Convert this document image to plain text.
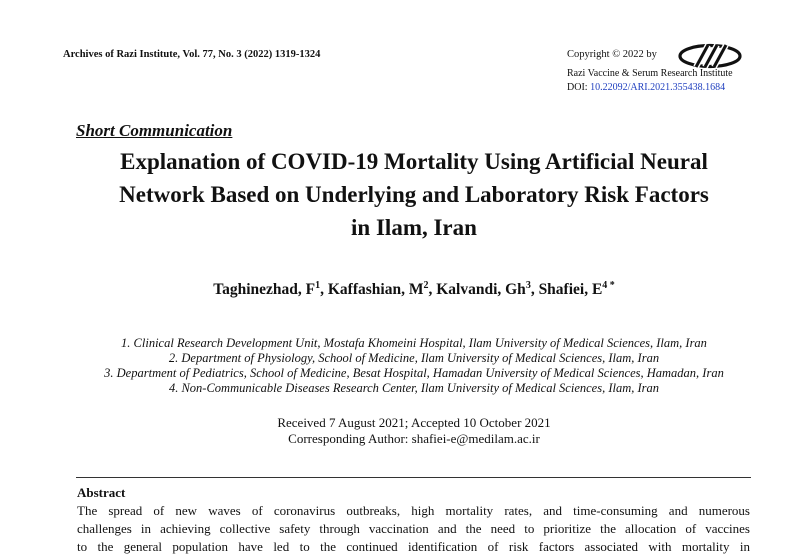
Archives of Razi Institute, Vol. 77, No. 3 (2022) 1319-1324	Copyright © 2022 by
Razi Vaccine & Serum Research Institute
DOI: 10.22092/ARI.2021.355438.1684
Short Communication
Explanation of COVID-19 Mortality Using Artificial Neural
Network Based on Underlying and Laboratory Risk Factors
in Ilam, Iran
Taghinezhad, $F^1$, Kaffashian, $M^2$, Kalvandi, Gh$^3$, Shafiei, $E^{4 *}$
1. Clinical Research Development Unit, Mostafa Khomeini Hospital, Ilam University of Medical Sciences, Ilam, Iran
2. Department of Physiology, School of Medicine, Ilam University of Medical Sciences, Ilam, Iran
3. Department of Pediatrics, School of Medicine, Besat Hospital, Hamadan University of Medical Sciences, Hamadan, Iran
4. Non-Communicable Diseases Research Center, Ilam University of Medical Sciences, Ilam, Iran
Received 7 August 2021; Accepted 10 October 2021
Corresponding Author: shafiei-e@medilam.ac.ir
Abstract
The spread of new waves of coronavirus outbreaks, high mortality rates, and time-consuming and numerous
challenges in achieving collective safety through vaccination and the need to prioritize the allocation of vaccines
to the general population have led to the continued identification of risk factors associated with mortality in
